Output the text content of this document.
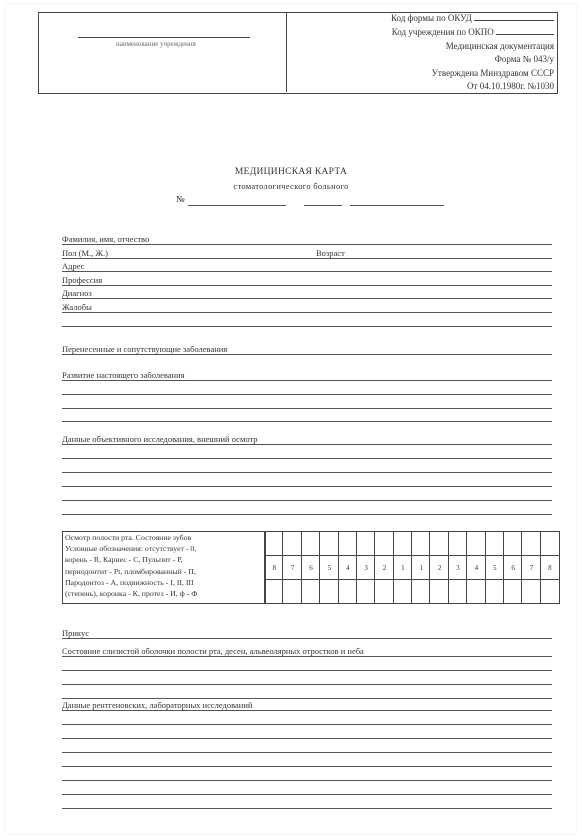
наименование учреждения
Код формы по ОКУД
Код учреждения по ОКПО
Медицинская документация
Форма № 043/у
Утверждена Минздравом СССР
От 04.10.1980г. №1030
МЕДИЦИНСКАЯ КАРТА
стоматологического больного
№
Фамилия, имя, отчество
Пол (М., Ж.)	Возраст
Адрес
Профессия
Диагноз
Жалобы
Перенесенные и сопутствующие заболевания
Развитие настоящего заболевания
Данные объективного исследования, внешний осмотр
Осмотр полости рта. Состояние зубов
Условные обозначения: отсутствует - 0,
корень - R, Кариес - С, Пульпит - Р,
периодонтит - Pt, пломбированный - П,
Пародонтоз - А, подвижность - I, II, III
(степень), коронка - К, протез - И, ф - Ф
8	7	6	5	4	3	2	1	1	2	3	4	5	6	7	8
Прикус
Состояние слизистой оболочки полости рта, десен, альвеолярных отростков и неба
Данные рентгеновских, лабораторных исследований
